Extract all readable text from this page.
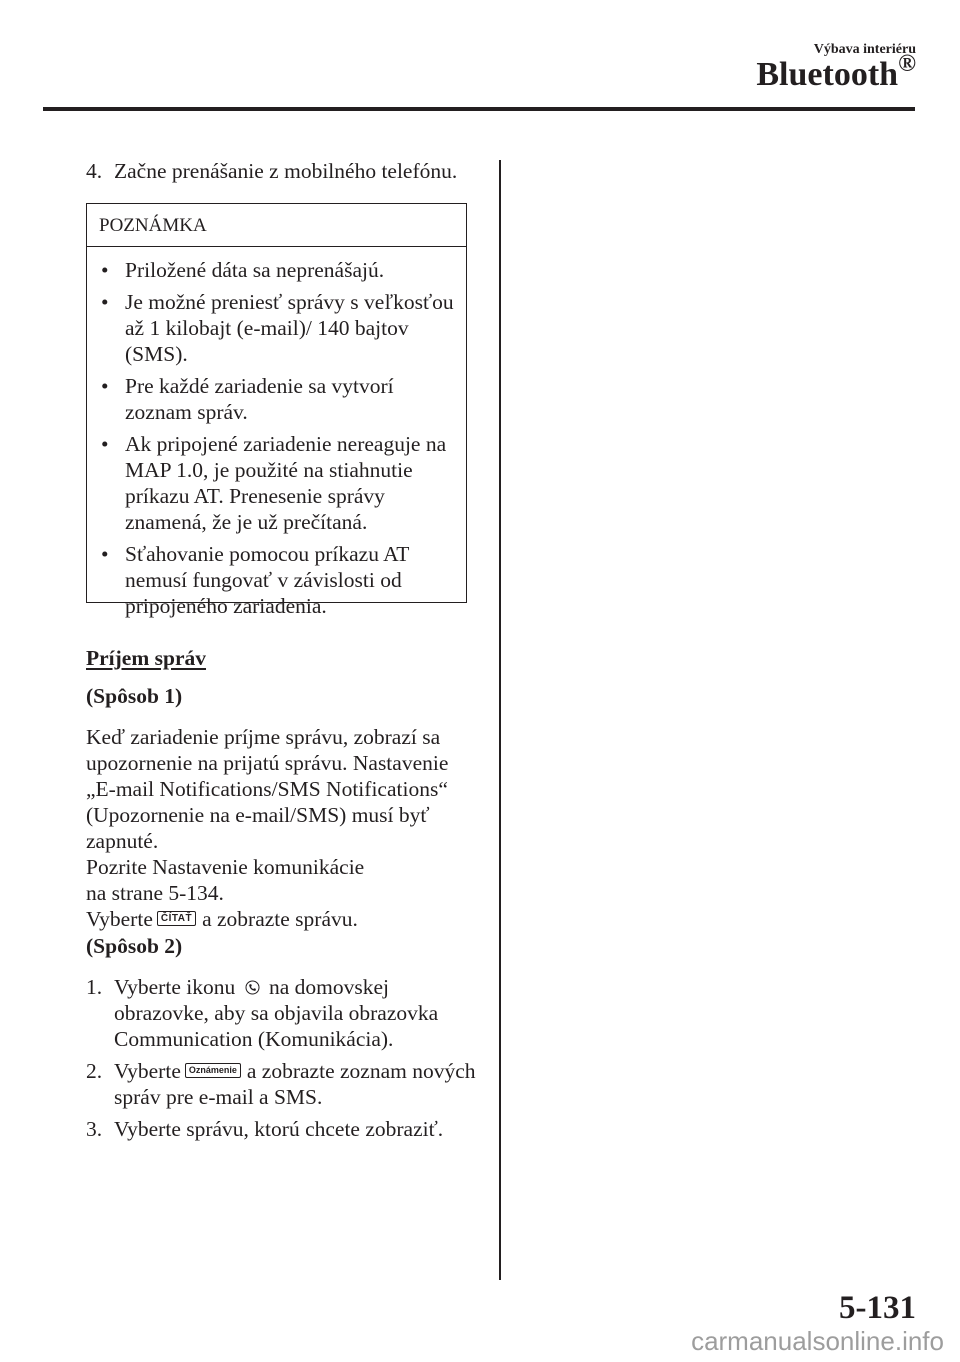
Výbava interiéru
Bluetooth®
4. Začne prenášanie z mobilného telefónu.
POZNÁMKA
• Priložené dáta sa neprenášajú.
• Je možné preniesť správy s veľkosťou až 1 kilobajt (e-mail)/ 140 bajtov (SMS).
• Pre každé zariadenie sa vytvorí zoznam správ.
• Ak pripojené zariadenie nereaguje na MAP 1.0, je použité na stiahnutie príkazu AT. Prenesenie správy znamená, že je už prečítaná.
• Sťahovanie pomocou príkazu AT nemusí fungovať v závislosti od pripojeného zariadenia.
Príjem správ
(Spôsob 1)

Keď zariadenie príjme správu, zobrazí sa upozornenie na prijatú správu. Nastavenie „E-mail Notifications/SMS Notifications“ (Upozornenie na e-mail/SMS) musí byť zapnuté.

Pozrite Nastavenie komunikácie

na strane 5-134.

Vyberte ČÍTAŤ a zobrazte správu.

(Spôsob 2)
1. Vyberte ikonu na domovskej obrazovke, aby sa objavila obrazovka Communication (Komunikácia).
2. Vyberte Oznámenie a zobrazte zoznam nových správ pre e-mail a SMS.
3. Vyberte správu, ktorú chcete zobraziť.
5-131
carmanualsonline.info
